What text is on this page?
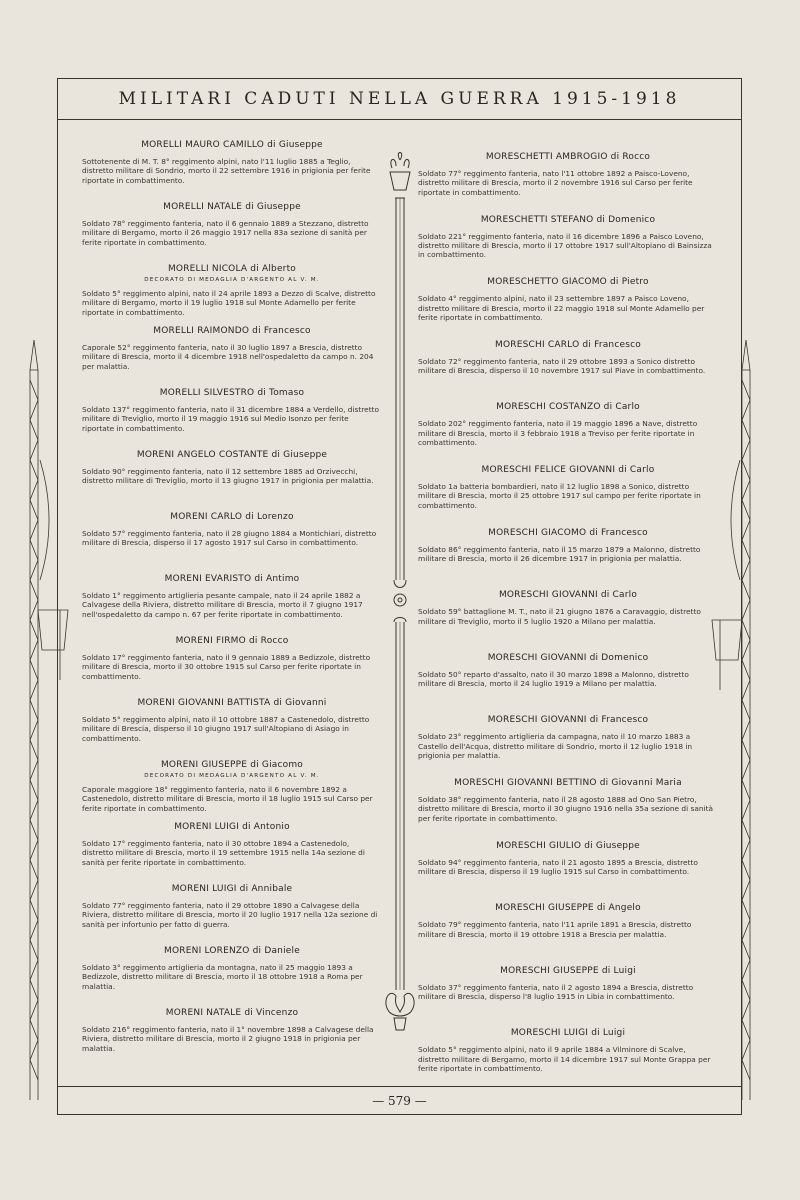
MILITARI CADUTI NELLA GUERRA 1915-1918
MORELLI MAURO CAMILLO di Giuseppe
Sottotenente di M. T. 8° reggimento alpini, nato l'11 luglio 1885 a Teglio, distretto militare di Sondrio, morto il 22 settembre 1916 in prigionia per ferite riportate in combattimento.
MORELLI NATALE di Giuseppe
Soldato 78° reggimento fanteria, nato il 6 gennaio 1889 a Stezzano, distretto militare di Bergamo, morto il 26 maggio 1917 nella 83a sezione di sanità per ferite riportate in combattimento.
MORELLI NICOLA di Alberto
DECORATO DI MEDAGLIA D'ARGENTO AL V. M.
Soldato 5° reggimento alpini, nato il 24 aprile 1893 a Dezzo di Scalve, distretto militare di Bergamo, morto il 19 luglio 1918 sul Monte Adamello per ferite riportate in combattimento.
MORELLI RAIMONDO di Francesco
Caporale 52° reggimento fanteria, nato il 30 luglio 1897 a Brescia, distretto militare di Brescia, morto il 4 dicembre 1918 nell'ospedaletto da campo n. 204 per malattia.
MORELLI SILVESTRO di Tomaso
Soldato 137° reggimento fanteria, nato il 31 dicembre 1884 a Verdello, distretto militare di Treviglio, morto il 19 maggio 1916 sul Medio Isonzo per ferite riportate in combattimento.
MORENI ANGELO COSTANTE di Giuseppe
Soldato 90° reggimento fanteria, nato il 12 settembre 1885 ad Orzivecchi, distretto militare di Treviglio, morto il 13 giugno 1917 in prigionia per malattia.
MORENI CARLO di Lorenzo
Soldato 57° reggimento fanteria, nato il 28 giugno 1884 a Montichiari, distretto militare di Brescia, disperso il 17 agosto 1917 sul Carso in combattimento.
MORENI EVARISTO di Antimo
Soldato 1° reggimento artiglieria pesante campale, nato il 24 aprile 1882 a Calvagese della Riviera, distretto militare di Brescia, morto il 7 giugno 1917 nell'ospedaletto da campo n. 67 per ferite riportate in combattimento.
MORENI FIRMO di Rocco
Soldato 17° reggimento fanteria, nato il 9 gennaio 1889 a Bedizzole, distretto militare di Brescia, morto il 30 ottobre 1915 sul Carso per ferite riportate in combattimento.
MORENI GIOVANNI BATTISTA di Giovanni
Soldato 5° reggimento alpini, nato il 10 ottobre 1887 a Castenedolo, distretto militare di Brescia, disperso il 10 giugno 1917 sull'Altopiano di Asiago in combattimento.
MORENI GIUSEPPE di Giacomo
DECORATO DI MEDAGLIA D'ARGENTO AL V. M.
Caporale maggiore 18° reggimento fanteria, nato il 6 novembre 1892 a Castenedolo, distretto militare di Brescia, morto il 18 luglio 1915 sul Carso per ferite riportate in combattimento.
MORENI LUIGI di Antonio
Soldato 17° reggimento fanteria, nato il 30 ottobre 1894 a Castenedolo, distretto militare di Brescia, morto il 19 settembre 1915 nella 14a sezione di sanità per ferite riportate in combattimento.
MORENI LUIGI di Annibale
Soldato 77° reggimento fanteria, nato il 29 ottobre 1890 a Calvagese della Riviera, distretto militare di Brescia, morto il 20 luglio 1917 nella 12a sezione di sanità per infortunio per fatto di guerra.
MORENI LORENZO di Daniele
Soldato 3° reggimento artiglieria da montagna, nato il 25 maggio 1893 a Bedizzole, distretto militare di Brescia, morto il 18 ottobre 1918 a Roma per malattia.
MORENI NATALE di Vincenzo
Soldato 216° reggimento fanteria, nato il 1° novembre 1898 a Calvagese della Riviera, distretto militare di Brescia, morto il 2 giugno 1918 in prigionia per malattia.
MORESCHETTI AMBROGIO di Rocco
Soldato 77° reggimento fanteria, nato l'11 ottobre 1892 a Paisco-Loveno, distretto militare di Brescia, morto il 2 novembre 1916 sul Carso per ferite riportate in combattimento.
MORESCHETTI STEFANO di Domenico
Soldato 221° reggimento fanteria, nato il 16 dicembre 1896 a Paisco Loveno, distretto militare di Brescia, morto il 17 ottobre 1917 sull'Altopiano di Bainsizza in combattimento.
MORESCHETTO GIACOMO di Pietro
Soldato 4° reggimento alpini, nato il 23 settembre 1897 a Paisco Loveno, distretto militare di Brescia, morto il 22 maggio 1918 sul Monte Adamello per ferite riportate in combattimento.
MORESCHI CARLO di Francesco
Soldato 72° reggimento fanteria, nato il 29 ottobre 1893 a Sonico distretto militare di Brescia, disperso il 10 novembre 1917 sul Piave in combattimento.
MORESCHI COSTANZO di Carlo
Soldato 202° reggimento fanteria, nato il 19 maggio 1896 a Nave, distretto militare di Brescia, morto il 3 febbraio 1918 a Treviso per ferite riportate in combattimento.
MORESCHI FELICE GIOVANNI di Carlo
Soldato 1a batteria bombardieri, nato il 12 luglio 1898 a Sonico, distretto militare di Brescia, morto il 25 ottobre 1917 sul campo per ferite riportate in combattimento.
MORESCHI GIACOMO di Francesco
Soldato 86° reggimento fanteria, nato il 15 marzo 1879 a Malonno, distretto militare di Brescia, morto il 26 dicembre 1917 in prigionia per malattia.
MORESCHI GIOVANNI di Carlo
Soldato 59° battaglione M. T., nato il 21 giugno 1876 a Caravaggio, distretto militare di Treviglio, morto il 5 luglio 1920 a Milano per malattia.
MORESCHI GIOVANNI di Domenico
Soldato 50° reparto d'assalto, nato il 30 marzo 1898 a Malonno, distretto militare di Brescia, morto il 24 luglio 1919 a Milano per malattia.
MORESCHI GIOVANNI di Francesco
Soldato 23° reggimento artiglieria da campagna, nato il 10 marzo 1883 a Castello dell'Acqua, distretto militare di Sondrio, morto il 12 luglio 1918 in prigionia per malattia.
MORESCHI GIOVANNI BETTINO di Giovanni Maria
Soldato 38° reggimento fanteria, nato il 28 agosto 1888 ad Ono San Pietro, distretto militare di Brescia, morto il 30 giugno 1916 nella 35a sezione di sanità per ferite riportate in combattimento.
MORESCHI GIULIO di Giuseppe
Soldato 94° reggimento fanteria, nato il 21 agosto 1895 a Brescia, distretto militare di Brescia, disperso il 19 luglio 1915 sul Carso in combattimento.
MORESCHI GIUSEPPE di Angelo
Soldato 79° reggimento fanteria, nato l'11 aprile 1891 a Brescia, distretto militare di Brescia, morto il 19 ottobre 1918 a Brescia per malattia.
MORESCHI GIUSEPPE di Luigi
Soldato 37° reggimento fanteria, nato il 2 agosto 1894 a Brescia, distretto militare di Brescia, disperso l'8 luglio 1915 in Libia in combattimento.
MORESCHI LUIGI di Luigi
Soldato 5° reggimento alpini, nato il 9 aprile 1884 a Vilminore di Scalve, distretto militare di Bergamo, morto il 14 dicembre 1917 sul Monte Grappa per ferite riportate in combattimento.
— 579 —
